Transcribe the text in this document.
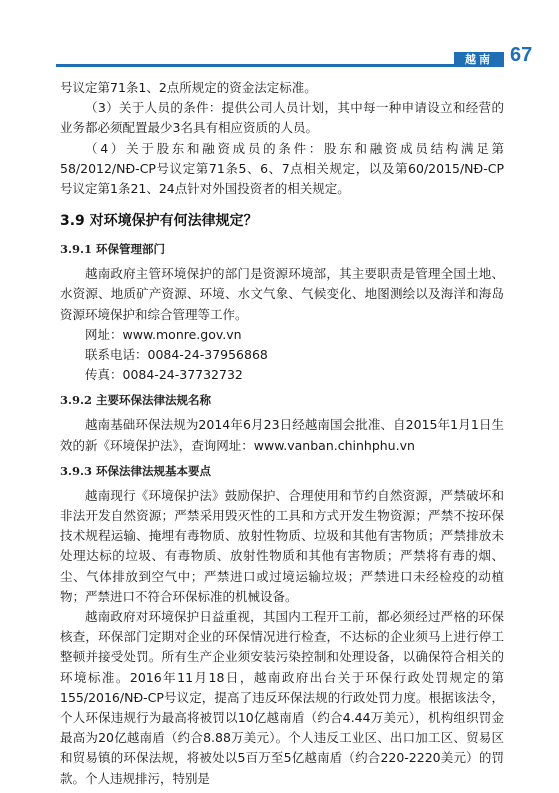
越南 67

号议定第71条1、2点所规定的资金法定标准。

（3）关于人员的条件：提供公司人员计划，其中每一种申请设立和经营的业务都必须配置最少3名具有相应资质的人员。

（4）关于股东和融资成员的条件：股东和融资成员结构满足第58/2012/NĐ-CP号议定第71条5、6、7点相关规定，以及第60/2015/NĐ-CP号议定第1条21、24点针对外国投资者的相关规定。

3.9 对环境保护有何法律规定？
3.9.1 环保管理部门

越南政府主管环境保护的部门是资源环境部，其主要职责是管理全国土地、水资源、地质矿产资源、环境、水文气象、气候变化、地图测绘以及海洋和海岛资源环境保护和综合管理等工作。

网址：www.monre.gov.vn

联系电话：0084-24-37956868

传真：0084-24-37732732

3.9.2 主要环保法律法规名称

越南基础环保法规为2014年6月23日经越南国会批准、自2015年1月1日生效的新《环境保护法》，查询网址：www.vanban.chinhphu.vn

3.9.3 环保法律法规基本要点

越南现行《环境保护法》鼓励保护、合理使用和节约自然资源，严禁破坏和非法开发自然资源；严禁采用毁灭性的工具和方式开发生物资源；严禁不按环保技术规程运输、掩埋有毒物质、放射性物质、垃圾和其他有害物质；严禁排放未处理达标的垃圾、有毒物质、放射性物质和其他有害物质；严禁将有毒的烟、尘、气体排放到空气中；严禁进口或过境运输垃圾；严禁进口未经检疫的动植物；严禁进口不符合环保标准的机械设备。

越南政府对环境保护日益重视，其国内工程开工前，都必须经过严格的环保核查，环保部门定期对企业的环保情况进行检查，不达标的企业须马上进行停工整顿并接受处罚。所有生产企业须安装污染控制和处理设备，以确保符合相关的环境标准。2016年11月18日，越南政府出台关于环保行政处罚规定的第155/2016/NĐ-CP号议定，提高了违反环保法规的行政处罚力度。根据该法令，个人环保违规行为最高将被罚以10亿越南盾（约合4.44万美元），机构组织罚金最高为20亿越南盾（约合8.88万美元）。个人违反工业区、出口加工区、贸易区和贸易镇的环保法规，将被处以5百万至5亿越南盾（约合220-2220美元）的罚款。个人违规排污，特别是
